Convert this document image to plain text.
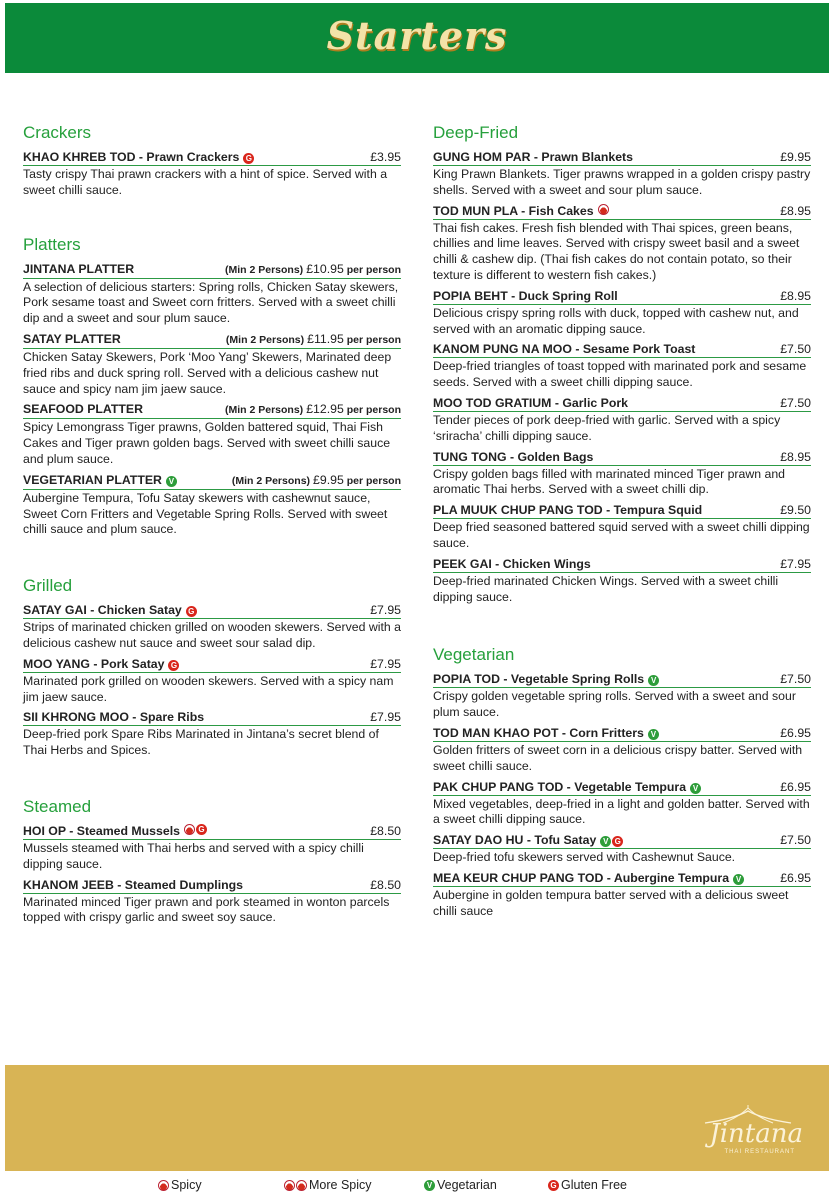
Starters
Crackers
KHAO KHREB TOD - Prawn Crackers G	£3.95
Tasty crispy Thai prawn crackers with a hint of spice. Served with a sweet chilli sauce.
Platters
JINTANA PLATTER	(Min 2 Persons) £10.95 per person
A selection of delicious starters: Spring rolls, Chicken Satay skewers, Pork sesame toast and Sweet corn fritters. Served with a sweet chilli dip and a sweet and sour plum sauce.
SATAY PLATTER	(Min 2 Persons) £11.95 per person
Chicken Satay Skewers, Pork ‘Moo Yang’ Skewers, Marinated deep fried ribs and duck spring roll. Served with a delicious cashew nut sauce and spicy nam jim jaew sauce.
SEAFOOD PLATTER	(Min 2 Persons) £12.95 per person
Spicy Lemongrass Tiger prawns, Golden battered squid, Thai Fish Cakes and Tiger prawn golden bags. Served with sweet chilli sauce and plum sauce.
VEGETARIAN PLATTER V	(Min 2 Persons) £9.95 per person
Aubergine Tempura, Tofu Satay skewers with cashewnut sauce, Sweet Corn Fritters and Vegetable Spring Rolls. Served with sweet chilli sauce and plum sauce.
Grilled
SATAY GAI - Chicken Satay G	£7.95
Strips of marinated chicken grilled on wooden skewers. Served with a delicious cashew nut sauce and sweet sour salad dip.
MOO YANG - Pork Satay G	£7.95
Marinated pork grilled on wooden skewers. Served with a spicy nam jim jaew sauce.
SII KHRONG MOO - Spare Ribs	£7.95
Deep-fried pork Spare Ribs Marinated in Jintana’s secret blend of Thai Herbs and Spices.
Steamed
HOI OP - Steamed Mussels G	£8.50
Mussels steamed with Thai herbs and served with a spicy chilli dipping sauce.
KHANOM JEEB - Steamed Dumplings	£8.50
Marinated minced Tiger prawn and pork steamed in wonton parcels topped with crispy garlic and sweet soy sauce.
Deep-Fried
GUNG HOM PAR - Prawn Blankets	£9.95
King Prawn Blankets. Tiger prawns wrapped in a golden crispy pastry shells. Served with a sweet and sour plum sauce.
TOD MUN PLA - Fish Cakes	£8.95
Thai fish cakes. Fresh fish blended with Thai spices, green beans, chillies and lime leaves. Served with crispy sweet basil and a sweet chilli & cashew dip. (Thai fish cakes do not contain potato, so their texture is different to western fish cakes.)
POPIA BEHT - Duck Spring Roll	£8.95
Delicious crispy spring rolls with duck, topped with cashew nut, and served with an aromatic dipping sauce.
KANOM PUNG NA MOO - Sesame Pork Toast	£7.50
Deep-fried triangles of toast topped with marinated pork and sesame seeds. Served with a sweet chilli dipping sauce.
MOO TOD GRATIUM - Garlic Pork	£7.50
Tender pieces of pork deep-fried with garlic. Served with a spicy ‘sriracha’ chilli dipping sauce.
TUNG TONG - Golden Bags	£8.95
Crispy golden bags filled with marinated minced Tiger prawn and aromatic Thai herbs. Served with a sweet chilli dip.
PLA MUUK CHUP PANG TOD - Tempura Squid	£9.50
Deep fried seasoned battered squid served with a sweet chilli dipping sauce.
PEEK GAI - Chicken Wings	£7.95
Deep-fried marinated Chicken Wings. Served with a sweet chilli dipping sauce.
Vegetarian
POPIA TOD - Vegetable Spring Rolls V	£7.50
Crispy golden vegetable spring rolls. Served with a sweet and sour plum sauce.
TOD MAN KHAO POT - Corn Fritters V	£6.95
Golden fritters of sweet corn in a delicious crispy batter. Served with sweet chilli sauce.
PAK CHUP PANG TOD - Vegetable Tempura V	£6.95
Mixed vegetables, deep-fried in a light and golden batter. Served with a sweet chilli dipping sauce.
SATAY DAO HU - Tofu Satay V G	£7.50
Deep-fried tofu skewers served with Cashewnut Sauce.
MEA KEUR CHUP PANG TOD - Aubergine Tempura V	£6.95
Aubergine in golden tempura batter served with a delicious sweet chilli sauce
Jintana
THAI RESTAURANT
Spicy	More Spicy	V Vegetarian	G Gluten Free
